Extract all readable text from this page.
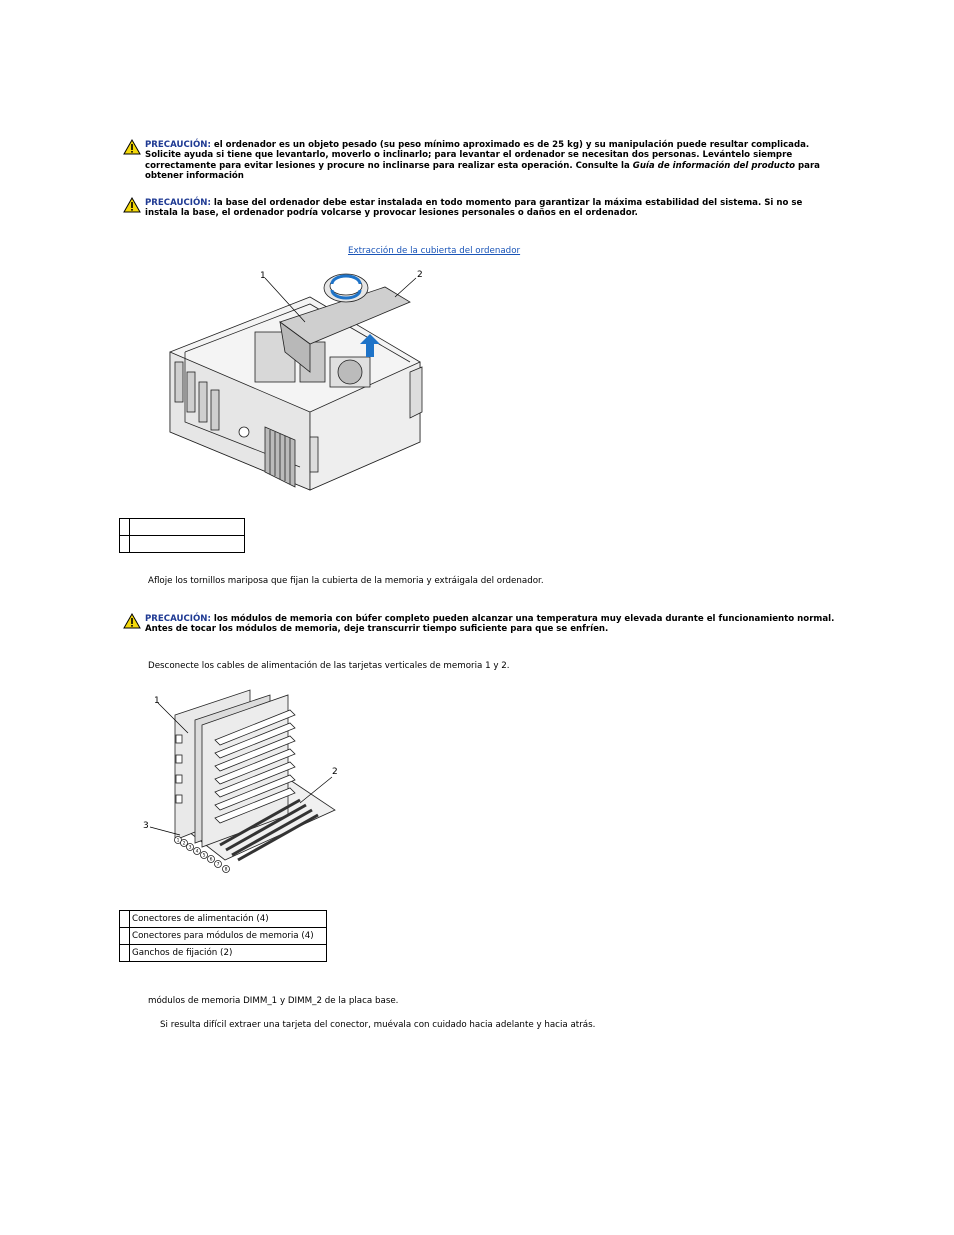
PRECAUCIÓN: el ordenador es un objeto pesado (su peso mínimo aproximado es de 25 kg) y su manipulación puede resultar complicada. Solicite ayuda si tiene que levantarlo, moverlo o inclinarlo; para levantar el ordenador se necesitan dos personas. Levántelo siempre correctamente para evitar lesiones y procure no inclinarse para realizar esta operación. Consulte la Guía de información del producto para obtener información
PRECAUCIÓN: la base del ordenador debe estar instalada en todo momento para garantizar la máxima estabilidad del sistema. Si no se instala la base, el ordenador podría volcarse y provocar lesiones personales o daños en el ordenador.
Extracción de la cubierta del ordenador
1	2

Afloje los tornillos mariposa que fijan la cubierta de la memoria y extráigala del ordenador.
PRECAUCIÓN: los módulos de memoria con búfer completo pueden alcanzar una temperatura muy elevada durante el funcionamiento normal. Antes de tocar los módulos de memoria, deje transcurrir tiempo suficiente para que se enfríen.
Desconecte los cables de alimentación de las tarjetas verticales de memoria 1 y 2.
1
2
3
4
5
6
7
8
1
2
3
	Conectores de alimentación (4)
	Conectores para módulos de memoria (4)
	Ganchos de fijación (2)
módulos de memoria DIMM_1 y DIMM_2 de la placa base.
Si resulta difícil extraer una tarjeta del conector, muévala con cuidado hacia adelante y hacia atrás.
